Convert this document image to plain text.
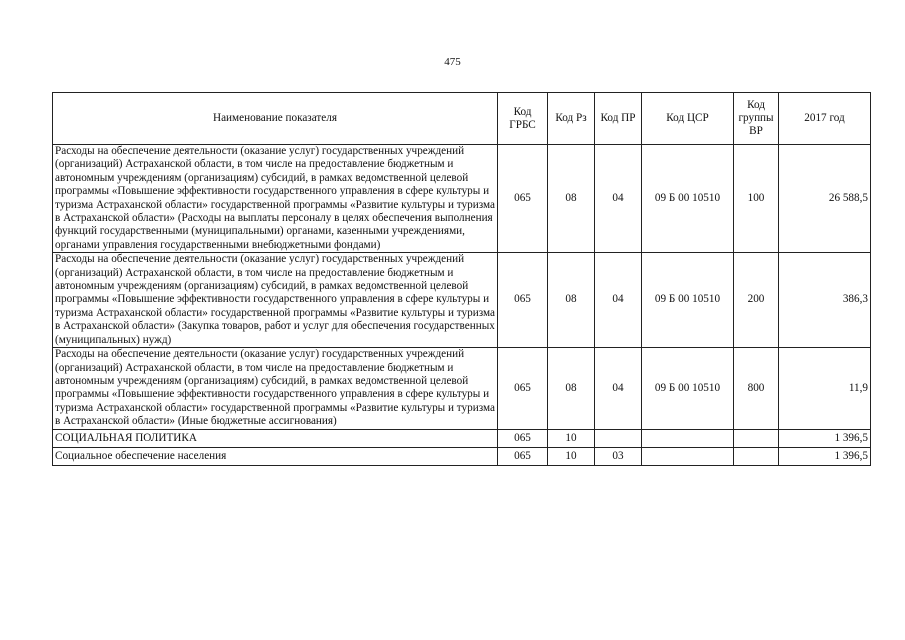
475
Наименование показателя	Код ГРБС	Код Рз	Код ПР	Код ЦСР	Код группы ВР	2017 год
Расходы на обеспечение деятельности (оказание услуг) государственных учреждений (организаций) Астраханской области, в том числе на предоставление бюджетным и автономным учреждениям (организациям) субсидий, в рамках ведомственной целевой программы «Повышение эффективности государственного управления в сфере культуры и туризма Астраханской области» государственной программы «Развитие культуры и туризма в Астраханской области» (Расходы на выплаты персоналу в целях обеспечения выполнения функций государственными (муниципальными) органами, казенными учреждениями, органами управления государственными внебюджетными фондами)	065	08	04	09 Б 00 10510	100	26 588,5
Расходы на обеспечение деятельности (оказание услуг) государственных учреждений (организаций) Астраханской области, в том числе на предоставление бюджетным и автономным учреждениям (организациям) субсидий, в рамках ведомственной целевой программы «Повышение эффективности государственного управления в сфере культуры и туризма Астраханской области» государственной программы «Развитие культуры и туризма в Астраханской области» (Закупка товаров, работ и услуг для обеспечения государственных (муниципальных) нужд)	065	08	04	09 Б 00 10510	200	386,3
Расходы на обеспечение деятельности (оказание услуг) государственных учреждений (организаций) Астраханской области, в том числе на предоставление бюджетным и автономным учреждениям (организациям) субсидий, в рамках ведомственной целевой программы «Повышение эффективности государственного управления в сфере культуры и туризма Астраханской области» государственной программы «Развитие культуры и туризма в Астраханской области» (Иные бюджетные ассигнования)	065	08	04	09 Б 00 10510	800	11,9
СОЦИАЛЬНАЯ ПОЛИТИКА	065	10				1 396,5
Социальное обеспечение населения	065	10	03			1 396,5
